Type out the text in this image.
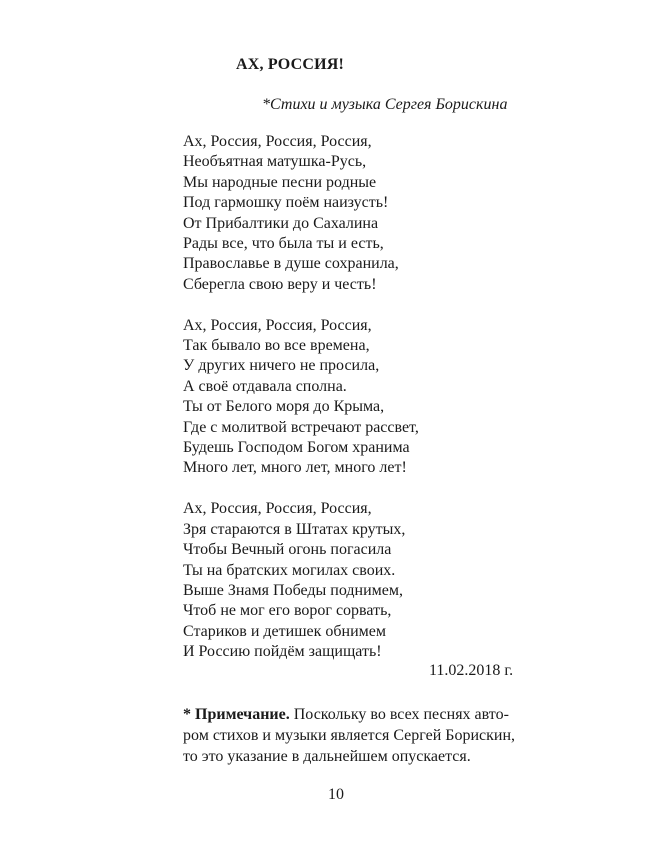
АХ, РОССИЯ!
*Стихи и музыка Сергея Борискина
Ах, Россия, Россия, Россия,
Необъятная матушка-Русь,
Мы народные песни родные
Под гармошку поём наизусть!
От Прибалтики до Сахалина
Рады все, что была ты и есть,
Православье в душе сохранила,
Сберегла свою веру и честь!
Ах, Россия, Россия, Россия,
Так бывало во все времена,
У других ничего не просила,
А своё отдавала сполна.
Ты от Белого моря до Крыма,
Где с молитвой встречают рассвет,
Будешь Господом Богом хранима
Много лет, много лет, много лет!
Ах, Россия, Россия, Россия,
Зря стараются в Штатах крутых,
Чтобы Вечный огонь погасила
Ты на братских могилах своих.
Выше Знамя Победы поднимем,
Чтоб не мог его ворог сорвать,
Стариков и детишек обнимем
И Россию пойдём защищать!
11.02.2018 г.
* Примечание. Поскольку во всех песнях авто-
ром стихов и музыки является Сергей Борискин,
то это указание в дальнейшем опускается.
10
